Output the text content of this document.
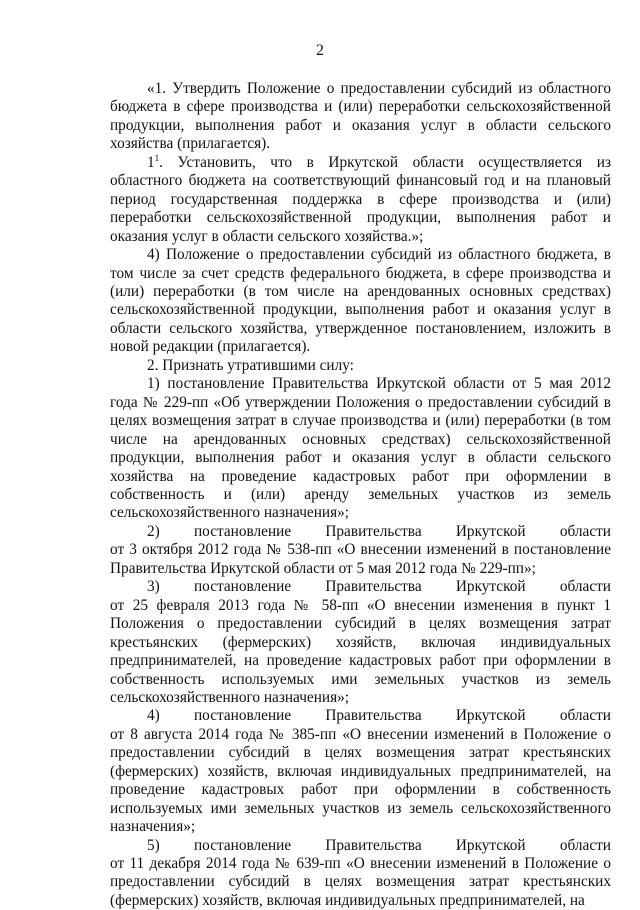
2

«1. Утвердить Положение о предоставлении субсидий из областного бюджета в сфере производства и (или) переработки сельскохозяйственной продукции, выполнения работ и оказания услуг в области сельского хозяйства (прилагается).

$1^1$. Установить, что в Иркутской области осуществляется из областного бюджета на соответствующий финансовый год и на плановый период государственная поддержка в сфере производства и (или) переработки сельскохозяйственной продукции, выполнения работ и оказания услуг в области сельского хозяйства.»;

4) Положение о предоставлении субсидий из областного бюджета, в том числе за счет средств федерального бюджета, в сфере производства и (или) переработки (в том числе на арендованных основных средствах) сельскохозяйственной продукции, выполнения работ и оказания услуг в области сельского хозяйства, утвержденное постановлением, изложить в новой редакции (прилагается).

2. Признать утратившими силу:

1) постановление Правительства Иркутской области от 5 мая 2012 года № 229-пп «Об утверждении Положения о предоставлении субсидий в целях возмещения затрат в случае производства и (или) переработки (в том числе на арендованных основных средствах) сельскохозяйственной продукции, выполнения работ и оказания услуг в области сельского хозяйства на проведение кадастровых работ при оформлении в собственность и (или) аренду земельных участков из земель сельскохозяйственного назначения»;

2) постановление Правительства Иркутской области

от 3 октября 2012 года № 538-пп «О внесении изменений в постановление Правительства Иркутской области от 5 мая 2012 года № 229-пп»;

3) постановление Правительства Иркутской области

от 25 февраля 2013 года № 58-пп «О внесении изменения в пункт 1 Положения о предоставлении субсидий в целях возмещения затрат крестьянских (фермерских) хозяйств, включая индивидуальных предпринимателей, на проведение кадастровых работ при оформлении в собственность используемых ими земельных участков из земель сельскохозяйственного назначения»;

4) постановление Правительства Иркутской области

от 8 августа 2014 года № 385-пп «О внесении изменений в Положение о предоставлении субсидий в целях возмещения затрат крестьянских (фермерских) хозяйств, включая индивидуальных предпринимателей, на проведение кадастровых работ при оформлении в собственность используемых ими земельных участков из земель сельскохозяйственного назначения»;

5) постановление Правительства Иркутской области

от 11 декабря 2014 года № 639-пп «О внесении изменений в Положение о предоставлении субсидий в целях возмещения затрат крестьянских (фермерских) хозяйств, включая индивидуальных предпринимателей, на
